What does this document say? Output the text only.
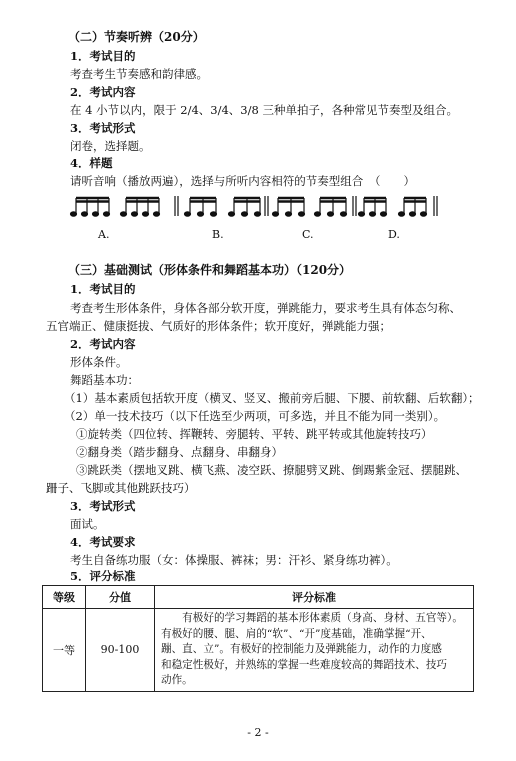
（二）节奏听辨（20分）
1．考试目的
考查考生节奏感和韵律感。
2．考试内容
在 4 小节以内，限于 2/4、3/4、3/8 三种单拍子，各种常见节奏型及组合。
3．考试形式
闭卷，选择题。
4．样题
请听音响（播放两遍），选择与所听内容相符的节奏型组合　（　　）
A.	B.	C.	D.
（三）基础测试（形体条件和舞蹈基本功）（120分）
1．考试目的
考查考生形体条件，身体各部分软开度，弹跳能力，要求考生具有体态匀称、
五官端正、健康挺拔、气质好的形体条件；软开度好，弹跳能力强；
2．考试内容
形体条件。
舞蹈基本功：
（1）基本素质包括软开度（横叉、竖叉、搬前旁后腿、下腰、前软翻、后软翻）；
（2）单一技术技巧（以下任选至少两项，可多选，并且不能为同一类别）。
①旋转类（四位转、挥鞭转、旁腿转、平转、跳平转或其他旋转技巧）
②翻身类（踏步翻身、点翻身、串翻身）
③跳跃类（摆地叉跳、横飞燕、凌空跃、撩腿劈叉跳、倒踢紫金冠、摆腿跳、
跚子、飞脚或其他跳跃技巧）
3．考试形式
面试。
4．考试要求
考生自备练功服（女：体操服、裤袜；男：汗衫、紧身练功裤）。
5．评分标准
等级	分值	评分标准
一等	90-100	　　有极好的学习舞蹈的基本形体素质（身高、身材、五官等）。
有极好的腰、腿、肩的“软”、“开”度基础，准确掌握“开、
蹦、直、立”。有极好的控制能力及弹跳能力，动作的力度感
和稳定性极好，并熟练的掌握一些难度较高的舞蹈技术、技巧
动作。
- 2 -
